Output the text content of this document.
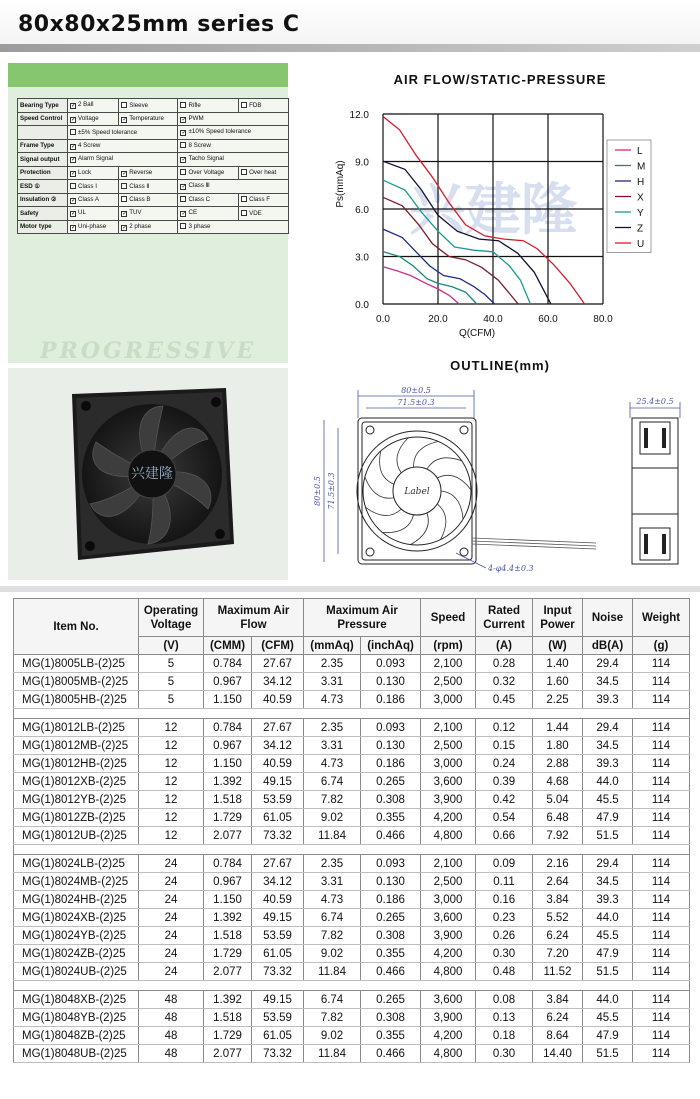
80x80x25mm series C
Bearing Type	✓ 2 Ball	Sleeve	Rifle	FDB
Speed Control	✓ Voltage	✓ Temperature	✓ PWM	
	±5% Speed tolerance		✓ ±10% Speed tolerance	
Frame Type	✓ 4 Screw		8 Screw	
Signal output	✓ Alarm Signal		✓ Tacho Signal	
Protection	✓ Lock	✓ Reverse	Over Voltage	Over heat
ESD ①	Class Ⅰ	Class Ⅱ	✓ Class Ⅲ	
Insulation ②	✓ Class A	Class B	Class C	Class F
Safety	✓ UL	✓ TUV	✓ CE	VDE
Motor type	✓ Uni-phase	✓ 2 phase	3 phase	
PROGRESSIVE
兴建隆
AIR FLOW/STATIC-PRESSURE
兴建隆
0.0	20.0	40.0	60.0	80.0
0.0
3.0
6.0
9.0
12.0
Q(CFM)
Ps(mmAq)
L
M
H
X
Y
Z
U
OUTLINE(mm)
80±0.5
71.5±0.3
80±0.5 71.5±0.3	Label
4-φ4.4±0.3
25.4±0.5
Item No.	Operating Voltage	Maximum Air Flow		Maximum Air Pressure		Speed	Rated Current	Input Power	Noise	Weight
	(V)	(CMM)	(CFM)	(mmAq)	(inchAq)	(rpm)	(A)	(W)	dB(A)	(g)
MG(1)8005LB-(2)25	5	0.784	27.67	2.35	0.093	2,100	0.28	1.40	29.4	114
MG(1)8005MB-(2)25	5	0.967	34.12	3.31	0.130	2,500	0.32	1.60	34.5	114
MG(1)8005HB-(2)25	5	1.150	40.59	4.73	0.186	3,000	0.45	2.25	39.3	114

MG(1)8012LB-(2)25	12	0.784	27.67	2.35	0.093	2,100	0.12	1.44	29.4	114
MG(1)8012MB-(2)25	12	0.967	34.12	3.31	0.130	2,500	0.15	1.80	34.5	114
MG(1)8012HB-(2)25	12	1.150	40.59	4.73	0.186	3,000	0.24	2.88	39.3	114
MG(1)8012XB-(2)25	12	1.392	49.15	6.74	0.265	3,600	0.39	4.68	44.0	114
MG(1)8012YB-(2)25	12	1.518	53.59	7.82	0.308	3,900	0.42	5.04	45.5	114
MG(1)8012ZB-(2)25	12	1.729	61.05	9.02	0.355	4,200	0.54	6.48	47.9	114
MG(1)8012UB-(2)25	12	2.077	73.32	11.84	0.466	4,800	0.66	7.92	51.5	114

MG(1)8024LB-(2)25	24	0.784	27.67	2.35	0.093	2,100	0.09	2.16	29.4	114
MG(1)8024MB-(2)25	24	0.967	34.12	3.31	0.130	2,500	0.11	2.64	34.5	114
MG(1)8024HB-(2)25	24	1.150	40.59	4.73	0.186	3,000	0.16	3.84	39.3	114
MG(1)8024XB-(2)25	24	1.392	49.15	6.74	0.265	3,600	0.23	5.52	44.0	114
MG(1)8024YB-(2)25	24	1.518	53.59	7.82	0.308	3,900	0.26	6.24	45.5	114
MG(1)8024ZB-(2)25	24	1.729	61.05	9.02	0.355	4,200	0.30	7.20	47.9	114
MG(1)8024UB-(2)25	24	2.077	73.32	11.84	0.466	4,800	0.48	11.52	51.5	114

MG(1)8048XB-(2)25	48	1.392	49.15	6.74	0.265	3,600	0.08	3.84	44.0	114
MG(1)8048YB-(2)25	48	1.518	53.59	7.82	0.308	3,900	0.13	6.24	45.5	114
MG(1)8048ZB-(2)25	48	1.729	61.05	9.02	0.355	4,200	0.18	8.64	47.9	114
MG(1)8048UB-(2)25	48	2.077	73.32	11.84	0.466	4,800	0.30	14.40	51.5	114
